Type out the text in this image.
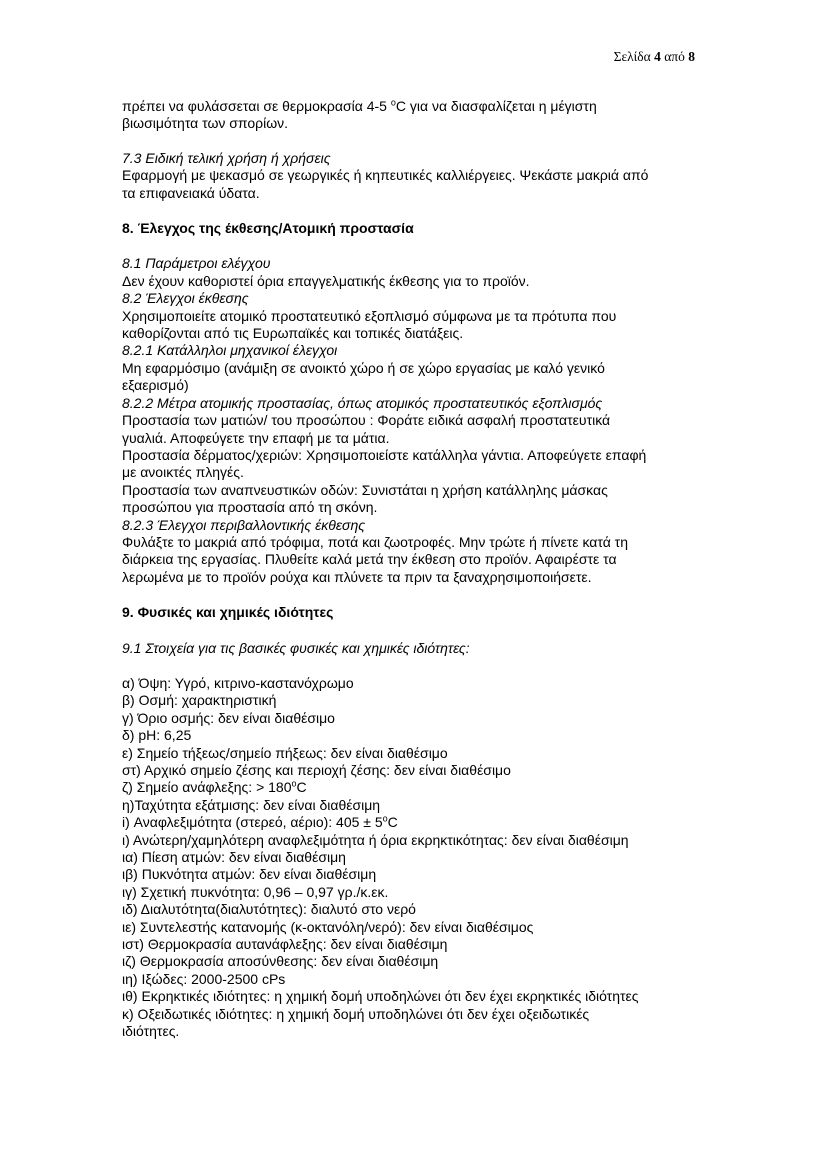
Σελίδα 4 από 8

πρέπει να φυλάσσεται σε θερμοκρασία 4-5 $^o$C για να διασφαλίζεται η μέγιστη

βιωσιμότητα των σπορίων.

7.3 Ειδική τελική χρήση ή χρήσεις

Εφαρμογή με ψεκασμό σε γεωργικές ή κηπευτικές καλλιέργειες. Ψεκάστε μακριά από

τα επιφανειακά ύδατα.

8. Έλεγχος της έκθεσης/Ατομική προστασία

8.1 Παράμετροι ελέγχου

Δεν έχουν καθοριστεί όρια επαγγελματικής έκθεσης για το προϊόν.

8.2 Έλεγχοι έκθεσης

Χρησιμοποιείτε ατομικό προστατευτικό εξοπλισμό σύμφωνα με τα πρότυπα που

καθορίζονται από τις Ευρωπαϊκές και τοπικές διατάξεις.

8.2.1 Κατάλληλοι μηχανικοί έλεγχοι

Μη εφαρμόσιμο (ανάμιξη σε ανοικτό χώρο ή σε χώρο εργασίας με καλό γενικό

εξαερισμό)

8.2.2 Μέτρα ατομικής προστασίας, όπως ατομικός προστατευτικός εξοπλισμός

Προστασία των ματιών/ του προσώπου : Φοράτε ειδικά ασφαλή προστατευτικά

γυαλιά. Αποφεύγετε την επαφή με τα μάτια.

Προστασία δέρματος/χεριών: Χρησιμοποιείστε κατάλληλα γάντια. Αποφεύγετε επαφή

με ανοικτές πληγές.

Προστασία των αναπνευστικών οδών: Συνιστάται η χρήση κατάλληλης μάσκας

προσώπου για προστασία από τη σκόνη.

8.2.3 Έλεγχοι περιβαλλοντικής έκθεσης

Φυλάξτε το μακριά από τρόφιμα, ποτά και ζωοτροφές. Μην τρώτε ή πίνετε κατά τη

διάρκεια της εργασίας. Πλυθείτε καλά μετά την έκθεση στο προϊόν. Αφαιρέστε τα

λερωμένα με το προϊόν ρούχα και πλύνετε τα πριν τα ξαναχρησιμοποιήσετε.

9. Φυσικές και χημικές ιδιότητες

9.1 Στοιχεία για τις βασικές φυσικές και χημικές ιδιότητες:

α) Όψη: Υγρό, κιτρινο-καστανόχρωμο

β) Οσμή: χαρακτηριστική

γ) Όριο οσμής: δεν είναι διαθέσιμο

δ) pH: 6,25

ε) Σημείο τήξεως/σημείο πήξεως: δεν είναι διαθέσιμο

στ) Αρχικό σημείο ζέσης και περιοχή ζέσης: δεν είναι διαθέσιμο

ζ) Σημείο ανάφλεξης: > $180^oC$

η)Ταχύτητα εξάτμισης: δεν είναι διαθέσιμη

i) Αναφλεξιμότητα (στερεό, αέριο): $405 \pm 5^oC$

ι) Ανώτερη/χαμηλότερη αναφλεξιμότητα ή όρια εκρηκτικότητας: δεν είναι διαθέσιμη

ια) Πίεση ατμών: δεν είναι διαθέσιμη

ιβ) Πυκνότητα ατμών: δεν είναι διαθέσιμη

ιγ) Σχετική πυκνότητα: 0,96 – 0,97 γρ./κ.εκ.

ιδ) Διαλυτότητα(διαλυτότητες): διαλυτό στο νερό

ιε) Συντελεστής κατανομής (κ-οκτανόλη/νερό): δεν είναι διαθέσιμος

ιστ) Θερμοκρασία αυτανάφλεξης: δεν είναι διαθέσιμη

ιζ) Θερμοκρασία αποσύνθεσης: δεν είναι διαθέσιμη

ιη) Ιξώδες: 2000-2500 cPs

ιθ) Εκρηκτικές ιδιότητες: η χημική δομή υποδηλώνει ότι δεν έχει εκρηκτικές ιδιότητες

κ) Οξειδωτικές ιδιότητες: η χημική δομή υποδηλώνει ότι δεν έχει οξειδωτικές

ιδιότητες.
